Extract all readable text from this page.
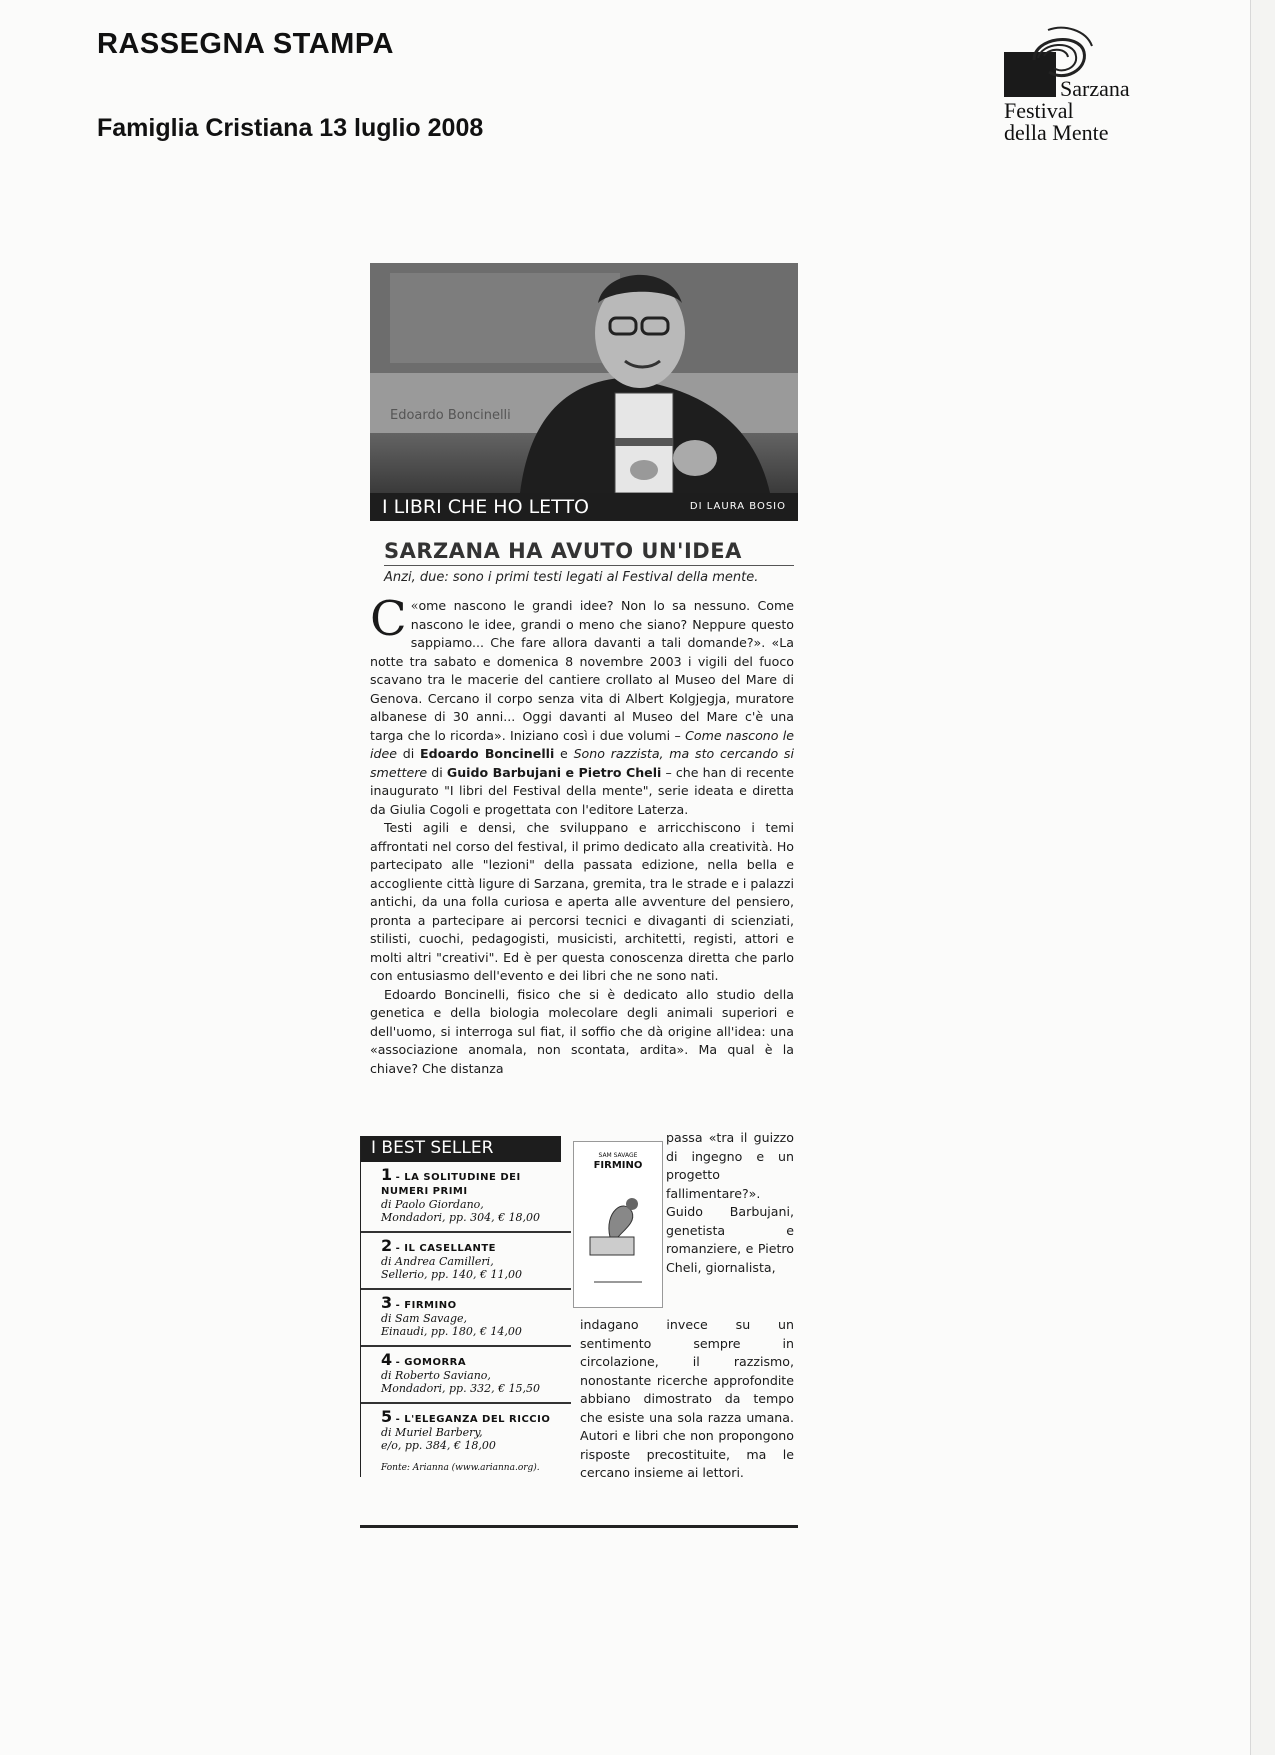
RASSEGNA STAMPA
Famiglia Cristiana 13 luglio 2008
Sarzana
Festival
della Mente
Edoardo Boncinelli
I LIBRI CHE HO LETTO	DI LAURA BOSIO
SARZANA HA AVUTO UN'IDEA
Anzi, due: sono i primi testi legati al Festival della mente.

«
C ome nascono le grandi idee? Non lo sa nessuno. Come nascono le idee, grandi o meno che siano? Neppure questo sappiamo... Che fare allora davanti a tali domande?». «La notte tra sabato e domenica 8 novembre 2003 i vigili del fuoco scavano tra le macerie del cantiere crollato al Museo del Mare di Genova. Cercano il corpo senza vita di Albert Kolgjegja, muratore albanese di 30 anni... Oggi davanti al Museo del Mare c'è una targa che lo ricorda». Iniziano così i due volumi – Come nascono le idee di Edoardo Boncinelli e Sono razzista, ma sto cercando si smettere di Guido Barbujani e Pietro Cheli – che han di recente inaugurato "I libri del Festival della mente", serie ideata e diretta da Giulia Cogoli e progettata con l'editore Laterza.

Testi agili e densi, che sviluppano e arricchiscono i temi affrontati nel corso del festival, il primo dedicato alla creatività. Ho partecipato alle "lezioni" della passata edizione, nella bella e accogliente città ligure di Sarzana, gremita, tra le strade e i palazzi antichi, da una folla curiosa e aperta alle avventure del pensiero, pronta a partecipare ai percorsi tecnici e divaganti di scienziati, stilisti, cuochi, pedagogisti, musicisti, architetti, registi, attori e molti altri "creativi". Ed è per questa conoscenza diretta che parlo con entusiasmo dell'evento e dei libri che ne sono nati.

Edoardo Boncinelli, fisico che si è dedicato allo studio della genetica e della biologia molecolare degli animali superiori e dell'uomo, si interroga sul fiat, il soffio che dà origine all'idea: una «associazione anomala, non scontata, ardita». Ma qual è la chiave? Che distanza

passa «tra il guizzo di ingegno e un progetto fallimentare?». Guido Barbujani, genetista e romanziere, e Pietro Cheli, giornalista,
indagano invece su un sentimento sempre in circolazione, il razzismo, nonostante ricerche approfondite abbiano dimostrato da tempo che esiste una sola razza umana. Autori e libri che non propongono risposte precostituite, ma le cercano insieme ai lettori.
I BEST SELLER
1 - LA SOLITUDINE DEI NUMERI PRIMI
di Paolo Giordano,
Mondadori, pp. 304, € 18,00
2 - IL CASELLANTE
di Andrea Camilleri,
Sellerio, pp. 140, € 11,00
3 - FIRMINO
di Sam Savage,
Einaudi, pp. 180, € 14,00
4 - GOMORRA
di Roberto Saviano,
Mondadori, pp. 332, € 15,50
5 - L'ELEGANZA DEL RICCIO
di Muriel Barbery,
e/o, pp. 384, € 18,00
Fonte: Arianna (www.arianna.org).
SAM SAVAGE
FIRMINO
